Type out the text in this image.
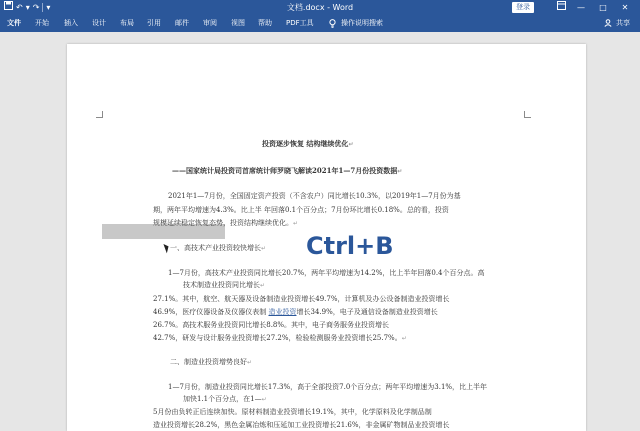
↶ ▾ ↷ ▾	文档.docx - Word	登录	—	□	✕
文件 开始 插入 设计 布局 引用 邮件 审阅 视图 帮助 PDF工具	操作说明搜索	共享
投资逐步恢复 结构继续优化↵
——国家统计局投资司首席统计师罗晓飞解读2021年1—7月份投资数据↵
2021年1—7月份，全国固定资产投资（不含农户）同比增长10.3%，以2019年1—7月份为基
期，两年平均增速为4.3%。比上半 年回落0.1个百分点；7月份环比增长0.18%。总的看，投资
规模延续稳定恢复态势，投资结构继续优化。↵
一、高技术产业投资较快增长↵
1—7月份，高技术产业投资同比增长20.7%，两年平均增速为14.2%，比上半年回落0.4个百分点。高
技术制造业投资同比增长↵
27.1%。其中，航空、航天器及设备制造业投资增长49.7%，计算机及办公设备制造业投资增长
46.9%，医疗仪器设备及仪器仪表制 造业投资增长34.9%，电子及通信设备制造业投资增长
26.7%。高技术服务业投资同比增长8.8%。其中，电子商务服务业投资增长
42.7%，研发与设计服务业投资增长27.2%，检验检测服务业投资增长25.7%。↵
二、制造业投资增势良好↵
1—7月份，制造业投资同比增长17.3%，高于全部投资7.0个百分点；两年平均增速为3.1%，比上半年
加快1.1个百分点，在1—↵
5月份由负转正后连续加快。原材料制造业投资增长19.1%，其中，化学原料及化学制品制
造业投资增长28.2%，黑色金属冶炼和压延加工业投资增长21.6%，非金属矿物制品业投资增长
Ctrl+B
